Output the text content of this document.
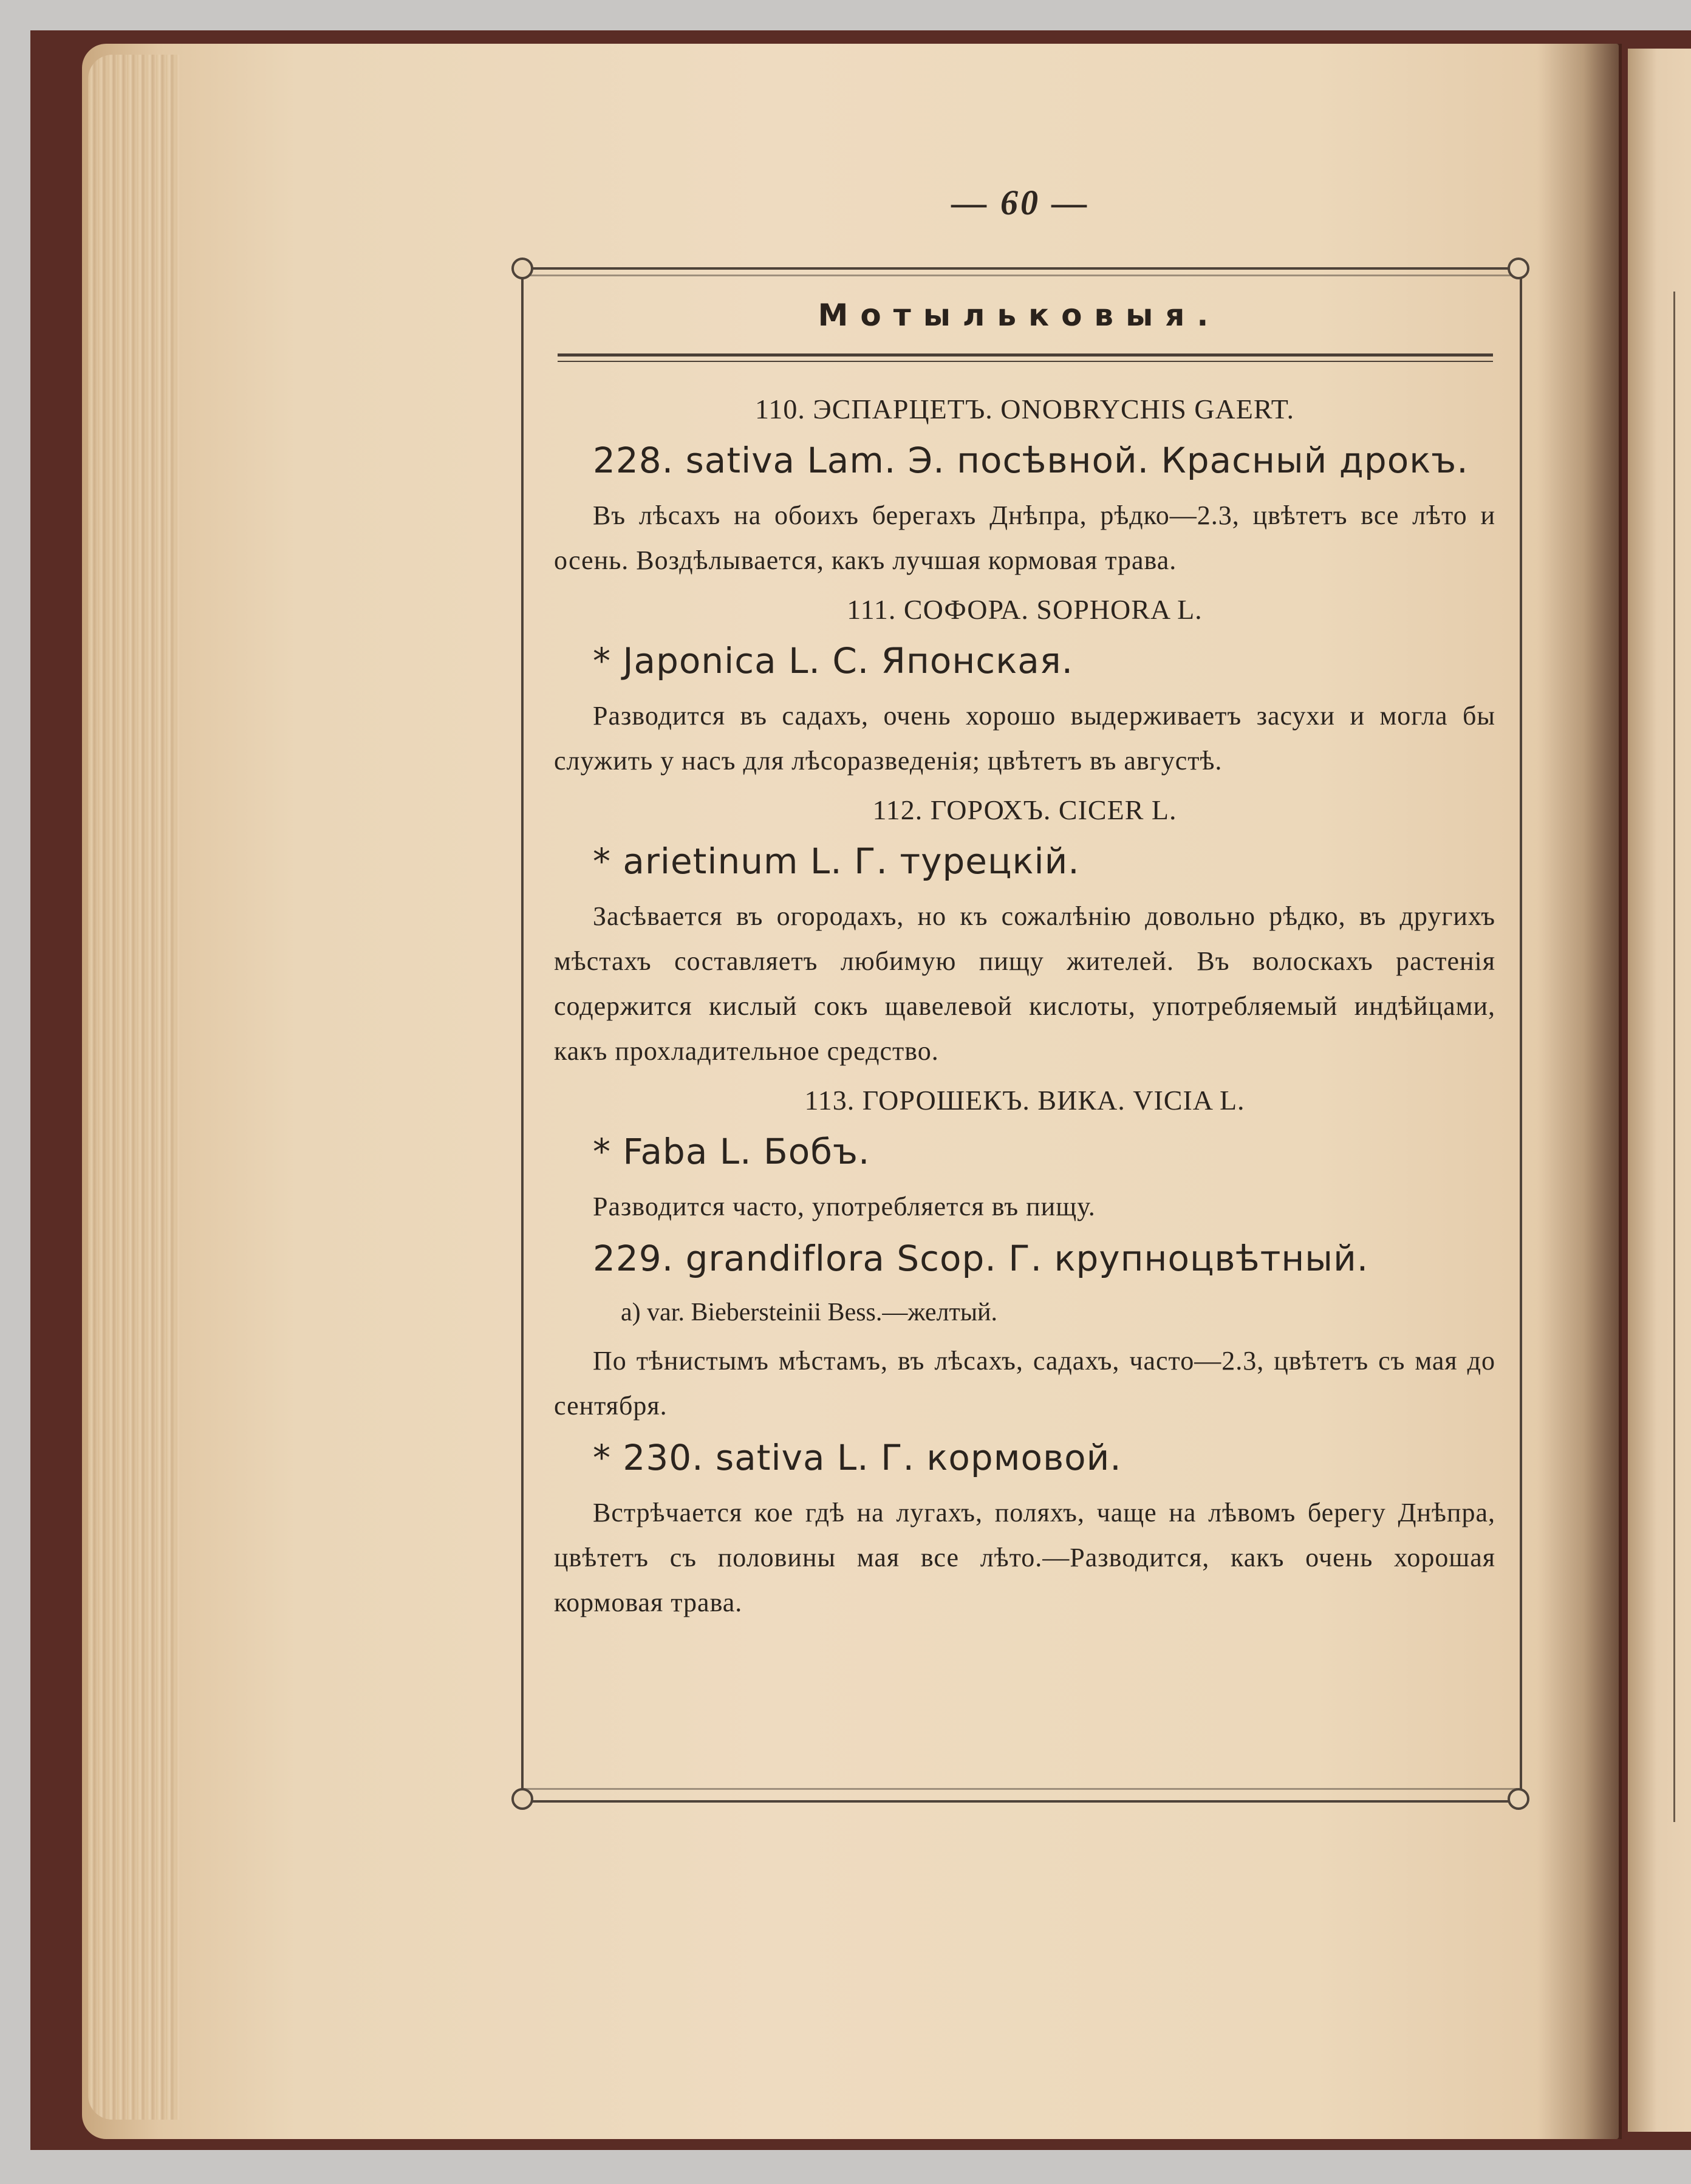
— 60 —
Мотыльковыя.
110. ЭСПАРЦЕТЪ. ONOBRYCHIS GAERT.
228. sativa Lam. Э. посѣвной. Красный дрокъ.
Въ лѣсахъ на обоихъ берегахъ Днѣпра, рѣдко—2.3, цвѣтетъ все лѣто и осень. Воздѣлывается, какъ лучшая кормовая трава.
111. СОФОРА. SOPHORA L.
* Japonica L. С. Японская.
Разводится въ садахъ, очень хорошо выдерживаетъ засухи и могла бы служить у насъ для лѣсоразведенія; цвѣтетъ въ августѣ.
112. ГОРОХЪ. CICER L.
* arietinum L. Г. турецкій.
Засѣвается въ огородахъ, но къ сожалѣнію довольно рѣдко, въ другихъ мѣстахъ составляетъ любимую пищу жителей. Въ волоскахъ растенія содержится кислый сокъ щавелевой кислоты, употребляемый индѣйцами, какъ прохладительное средство.
113. ГОРОШЕКЪ. ВИКА. VICIA L.
* Faba L. Бобъ.
Разводится часто, употребляется въ пищу.
229. grandiflora Scop. Г. крупноцвѣтный.
a) var. Biebersteinii Bess.—желтый.
По тѣнистымъ мѣстамъ, въ лѣсахъ, садахъ, часто—2.3, цвѣтетъ съ мая до сентября.
* 230. sativa L. Г. кормовой.
Встрѣчается кое гдѣ на лугахъ, поляхъ, чаще на лѣвомъ берегу Днѣпра, цвѣтетъ съ половины мая все лѣто.—Разводится, какъ очень хорошая кормовая трава.
